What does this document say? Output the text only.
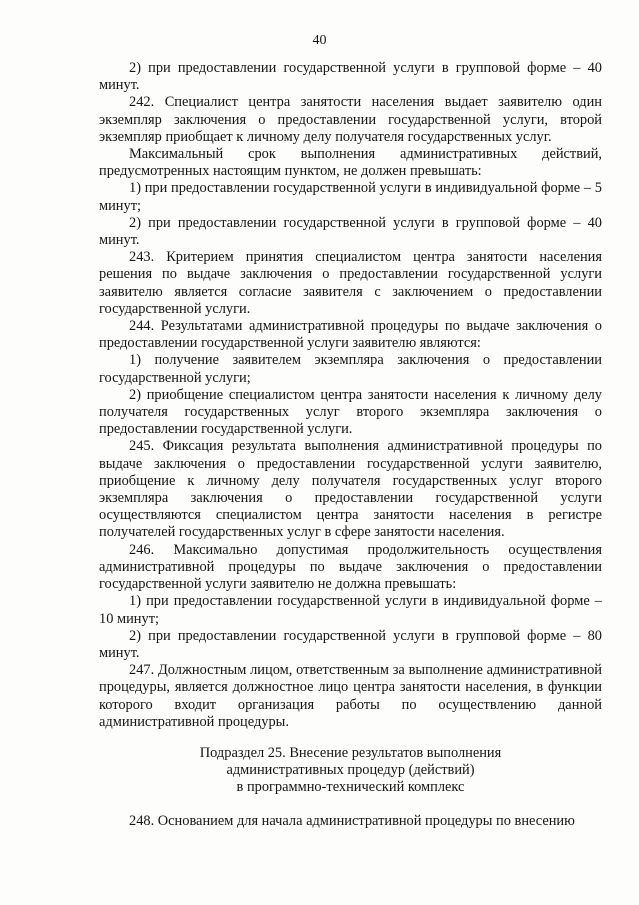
40

2) при предоставлении государственной услуги в групповой форме – 40 минут.

242. Специалист центра занятости населения выдает заявителю один экземпляр заключения о предоставлении государственной услуги, второй экземпляр приобщает к личному делу получателя государственных услуг.

Максимальный срок выполнения административных действий, предусмотренных настоящим пунктом, не должен превышать:

1) при предоставлении государственной услуги в индивидуальной форме – 5 минут;

2) при предоставлении государственной услуги в групповой форме – 40 минут.

243. Критерием принятия специалистом центра занятости населения решения по выдаче заключения о предоставлении государственной услуги заявителю является согласие заявителя с заключением о предоставлении государственной услуги.

244. Результатами административной процедуры по выдаче заключения о предоставлении государственной услуги заявителю являются:

1) получение заявителем экземпляра заключения о предоставлении государственной услуги;

2) приобщение специалистом центра занятости населения к личному делу получателя государственных услуг второго экземпляра заключения о предоставлении государственной услуги.

245. Фиксация результата выполнения административной процедуры по выдаче заключения о предоставлении государственной услуги заявителю, приобщение к личному делу получателя государственных услуг второго экземпляра заключения о предоставлении государственной услуги осуществляются специалистом центра занятости населения в регистре получателей государственных услуг в сфере занятости населения.

246. Максимально допустимая продолжительность осуществления административной процедуры по выдаче заключения о предоставлении государственной услуги заявителю не должна превышать:

1) при предоставлении государственной услуги в индивидуальной форме – 10 минут;

2) при предоставлении государственной услуги в групповой форме – 80 минут.

247. Должностным лицом, ответственным за выполнение административной процедуры, является должностное лицо центра занятости населения, в функции которого входит организация работы по осуществлению данной административной процедуры.

Подраздел 25. Внесение результатов выполнения
административных процедур (действий)
в программно-технический комплекс

248. Основанием для начала административной процедуры по внесению
